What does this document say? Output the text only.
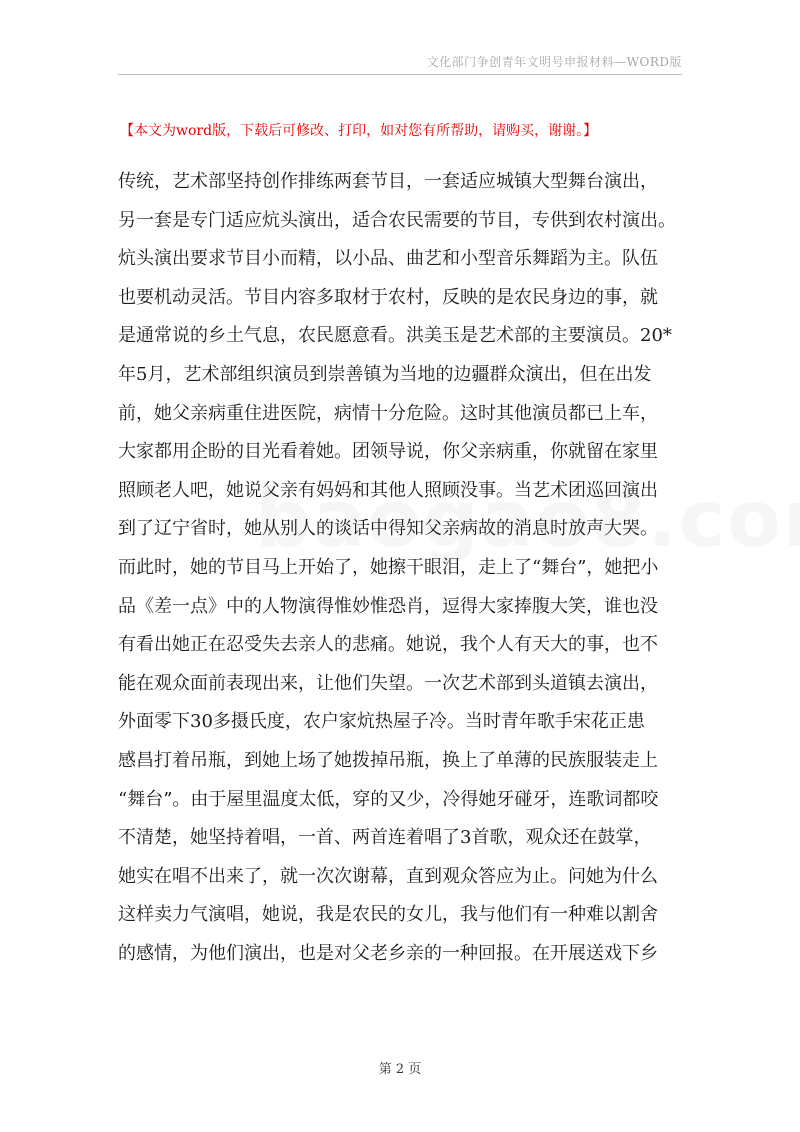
文化部门争创青年文明号申报材料—WORD版
【本文为word版，下载后可修改、打印，如对您有所帮助，请购买，谢谢。】
传统，艺术部坚持创作排练两套节目，一套适应城镇大型舞台演出，
另一套是专门适应炕头演出，适合农民需要的节目，专供到农村演出。
炕头演出要求节目小而精，以小品、曲艺和小型音乐舞蹈为主。队伍
也要机动灵活。节目内容多取材于农村，反映的是农民身边的事，就
是通常说的乡土气息，农民愿意看。洪美玉是艺术部的主要演员。20*
年5月，艺术部组织演员到崇善镇为当地的边疆群众演出，但在出发
前，她父亲病重住进医院，病情十分危险。这时其他演员都已上车，
大家都用企盼的目光看着她。团领导说，你父亲病重，你就留在家里
照顾老人吧，她说父亲有妈妈和其他人照顾没事。当艺术团巡回演出
到了辽宁省时，她从别人的谈话中得知父亲病故的消息时放声大哭。
而此时，她的节目马上开始了，她擦干眼泪，走上了“舞台”，她把小
品《差一点》中的人物演得惟妙惟恐肖，逗得大家捧腹大笑，谁也没
有看出她正在忍受失去亲人的悲痛。她说，我个人有天大的事，也不
能在观众面前表现出来，让他们失望。一次艺术部到头道镇去演出，
外面零下30多摄氏度，农户家炕热屋子冷。当时青年歌手宋花正患
感昌打着吊瓶，到她上场了她拨掉吊瓶，换上了单薄的民族服装走上
“舞台”。由于屋里温度太低，穿的又少，冷得她牙碰牙，连歌词都咬
不清楚，她坚持着唱，一首、两首连着唱了3首歌，观众还在鼓掌，
她实在唱不出来了，就一次次谢幕，直到观众答应为止。问她为什么
这样卖力气演唱，她说，我是农民的女儿，我与他们有一种难以割舍
的感情，为他们演出，也是对父老乡亲的一种回报。在开展送戏下乡
第 2 页
